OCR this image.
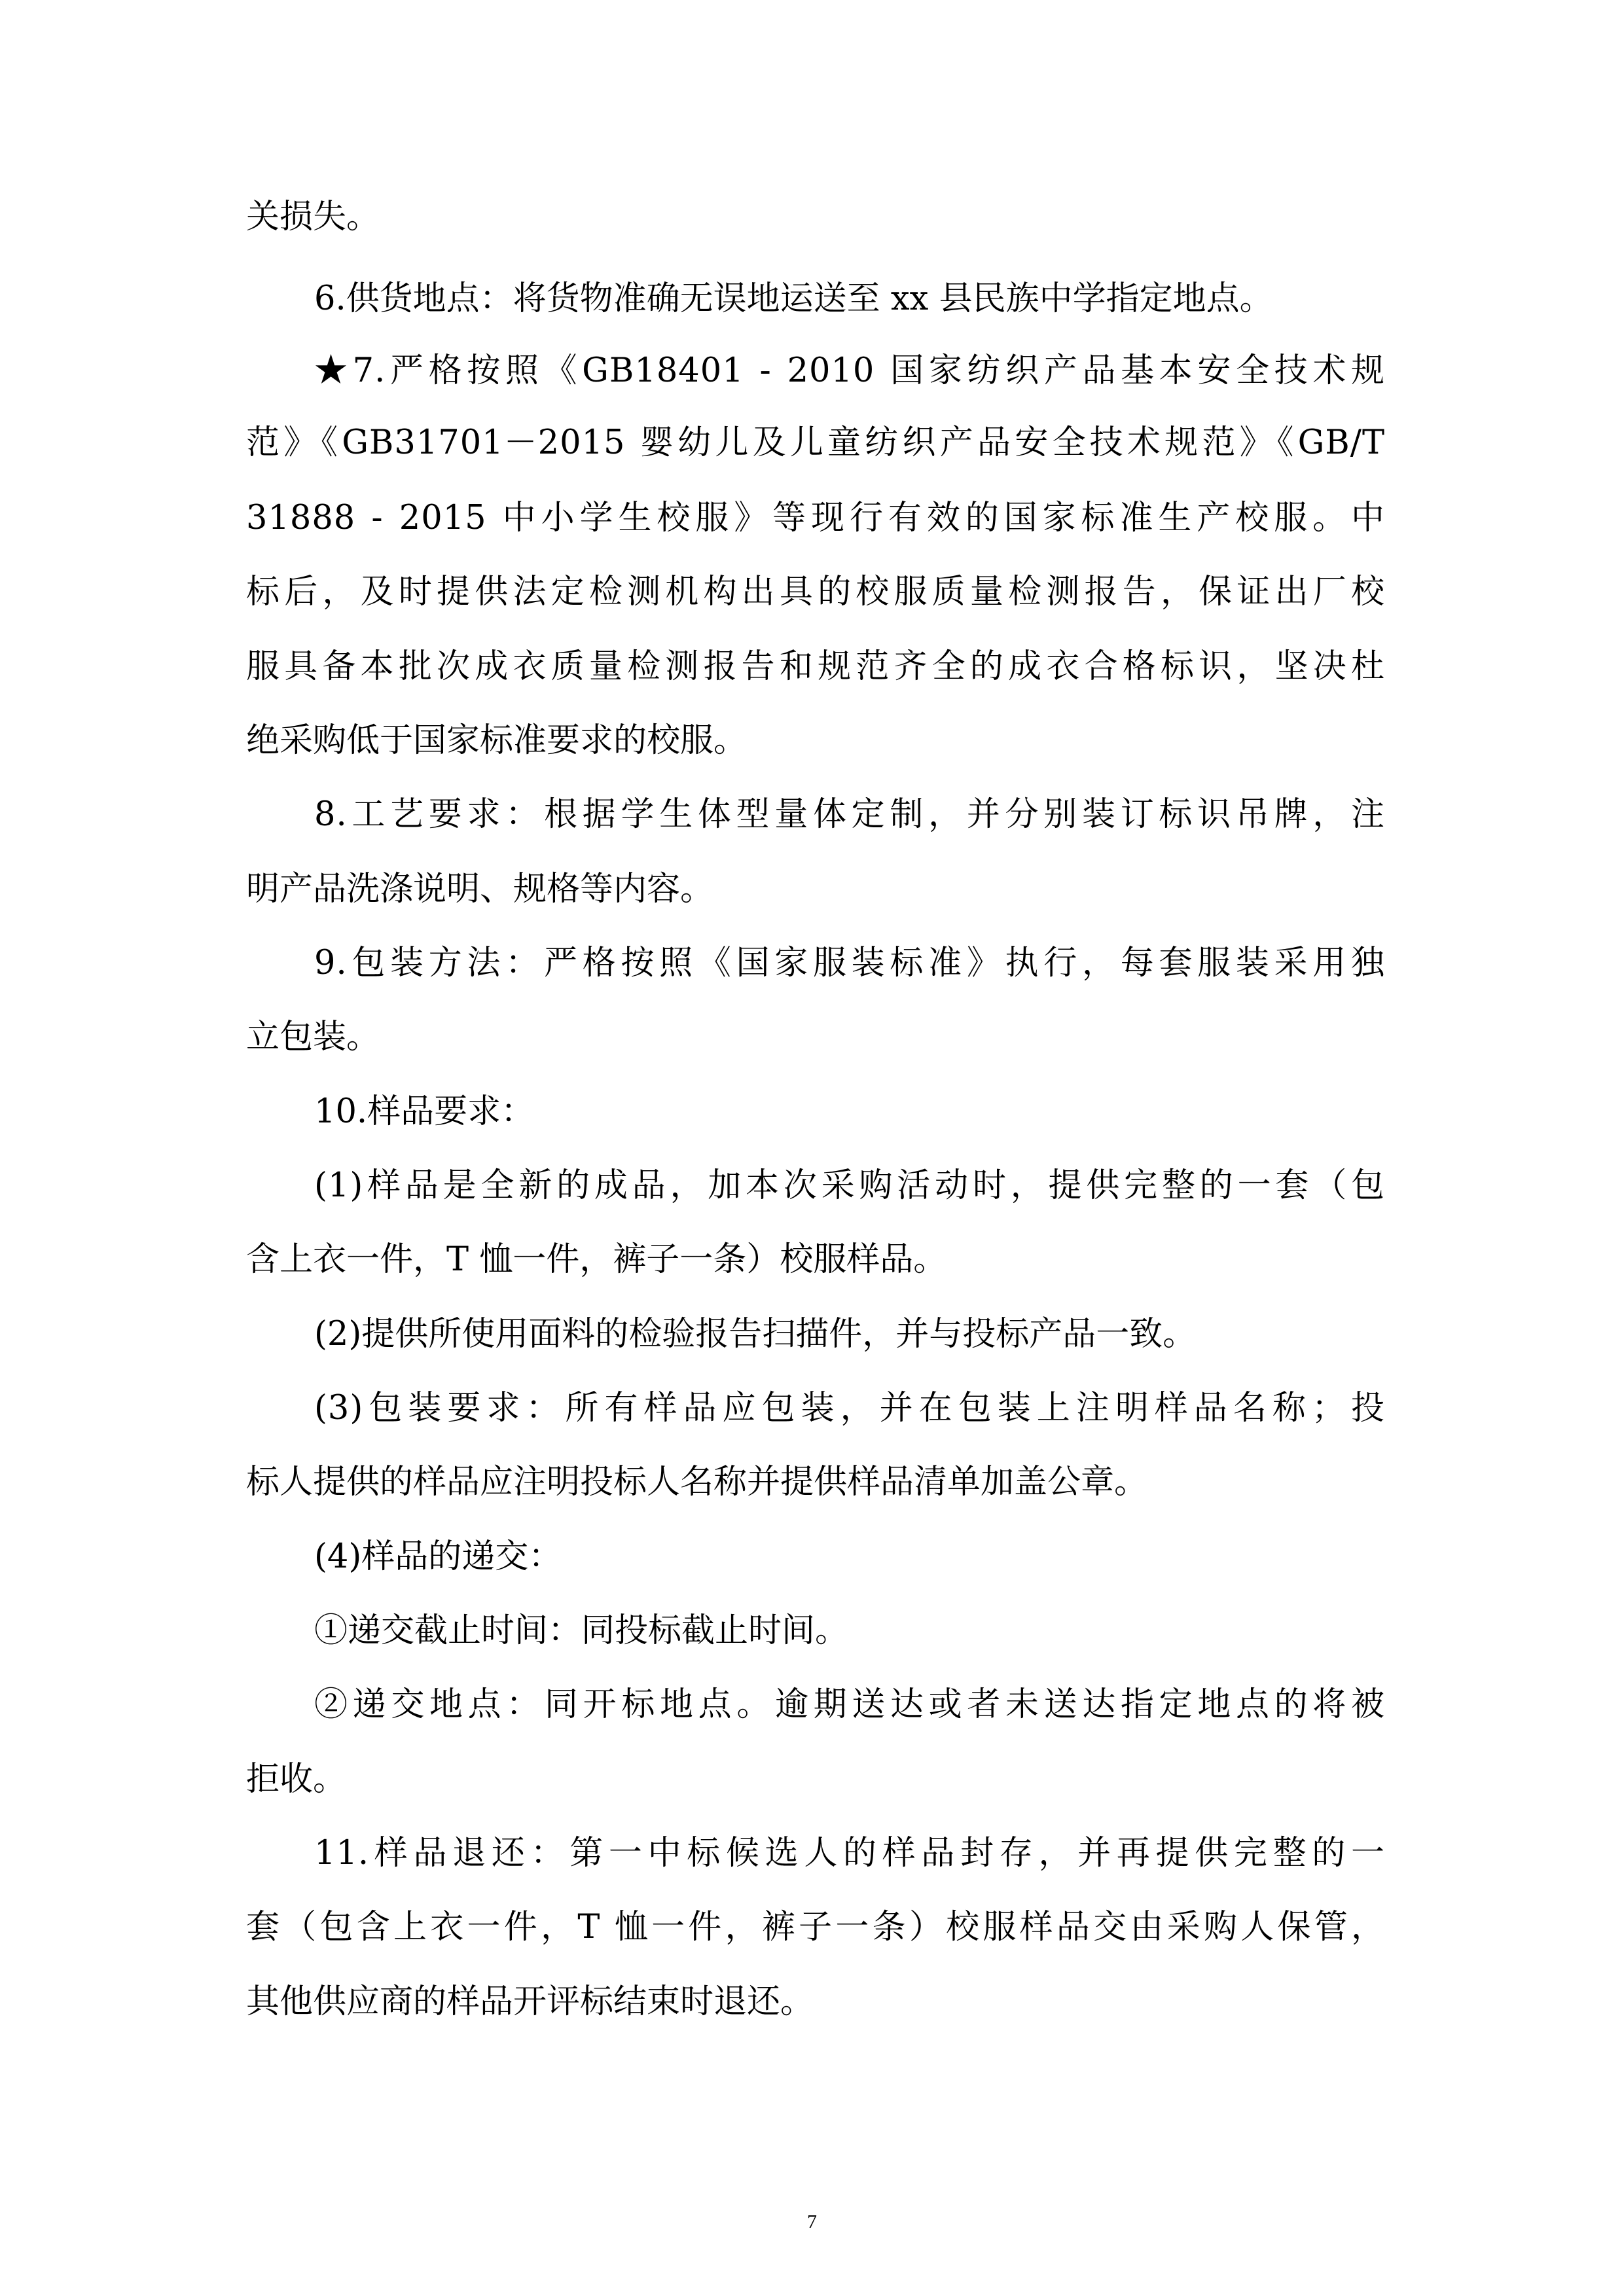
关损失。

6.供货地点：将货物准确无误地运送至 xx 县民族中学指定地点。

★7.严格按照《GB18401 - 2010 国家纺织产品基本安全技术规

范》《GB31701－2015 婴幼儿及儿童纺织产品安全技术规范》《GB/T

31888 - 2015 中小学生校服》等现行有效的国家标准生产校服。中

标后，及时提供法定检测机构出具的校服质量检测报告，保证出厂校

服具备本批次成衣质量检测报告和规范齐全的成衣合格标识，坚决杜

绝采购低于国家标准要求的校服。

8.工艺要求：根据学生体型量体定制，并分别装订标识吊牌，注

明产品洗涤说明、规格等内容。

9.包装方法：严格按照《国家服装标准》执行，每套服装采用独

立包装。

10.样品要求：

(1)样品是全新的成品，加本次采购活动时，提供完整的一套（包

含上衣一件，T 恤一件，裤子一条）校服样品。

(2)提供所使用面料的检验报告扫描件，并与投标产品一致。

(3)包装要求：所有样品应包装，并在包装上注明样品名称；投

标人提供的样品应注明投标人名称并提供样品清单加盖公章。

(4)样品的递交：

①递交截止时间：同投标截止时间。

②递交地点：同开标地点。逾期送达或者未送达指定地点的将被

拒收。

11.样品退还：第一中标候选人的样品封存，并再提供完整的一

套（包含上衣一件，T 恤一件，裤子一条）校服样品交由采购人保管，

其他供应商的样品开评标结束时退还。

7
